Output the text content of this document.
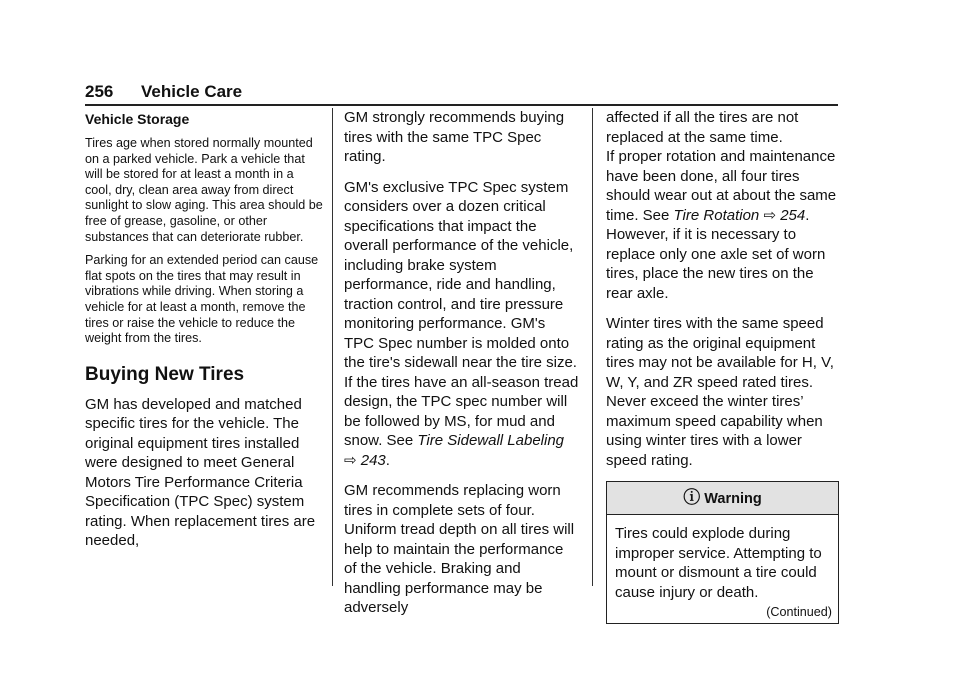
256 Vehicle Care
Vehicle Storage

Tires age when stored normally mounted on a parked vehicle. Park a vehicle that will be stored for at least a month in a cool, dry, clean area away from direct sunlight to slow aging. This area should be free of grease, gasoline, or other substances that can deteriorate rubber.

Parking for an extended period can cause flat spots on the tires that may result in vibrations while driving. When storing a vehicle for at least a month, remove the tires or raise the vehicle to reduce the weight from the tires.

Buying New Tires

GM has developed and matched specific tires for the vehicle. The original equipment tires installed were designed to meet General Motors Tire Performance Criteria Specification (TPC Spec) system rating. When replacement tires are needed,

GM strongly recommends buying tires with the same TPC Spec rating.

GM's exclusive TPC Spec system considers over a dozen critical specifications that impact the overall performance of the vehicle, including brake system performance, ride and handling, traction control, and tire pressure monitoring performance. GM's TPC Spec number is molded onto the tire's sidewall near the tire size. If the tires have an all-season tread design, the TPC spec number will be followed by MS, for mud and snow. See Tire Sidewall Labeling ⇨ 243.

GM recommends replacing worn tires in complete sets of four. Uniform tread depth on all tires will help to maintain the performance of the vehicle. Braking and handling performance may be adversely

affected if all the tires are not replaced at the same time.

If proper rotation and maintenance have been done, all four tires should wear out at about the same time. See Tire Rotation ⇨ 254. However, if it is necessary to replace only one axle set of worn tires, place the new tires on the rear axle.

Winter tires with the same speed rating as the original equipment tires may not be available for H, V, W, Y, and ZR speed rated tires. Never exceed the winter tires’ maximum speed capability when using winter tires with a lower speed rating.

ⓘ Warning
Tires could explode during improper service. Attempting to mount or dismount a tire could cause injury or death.
(Continued)
